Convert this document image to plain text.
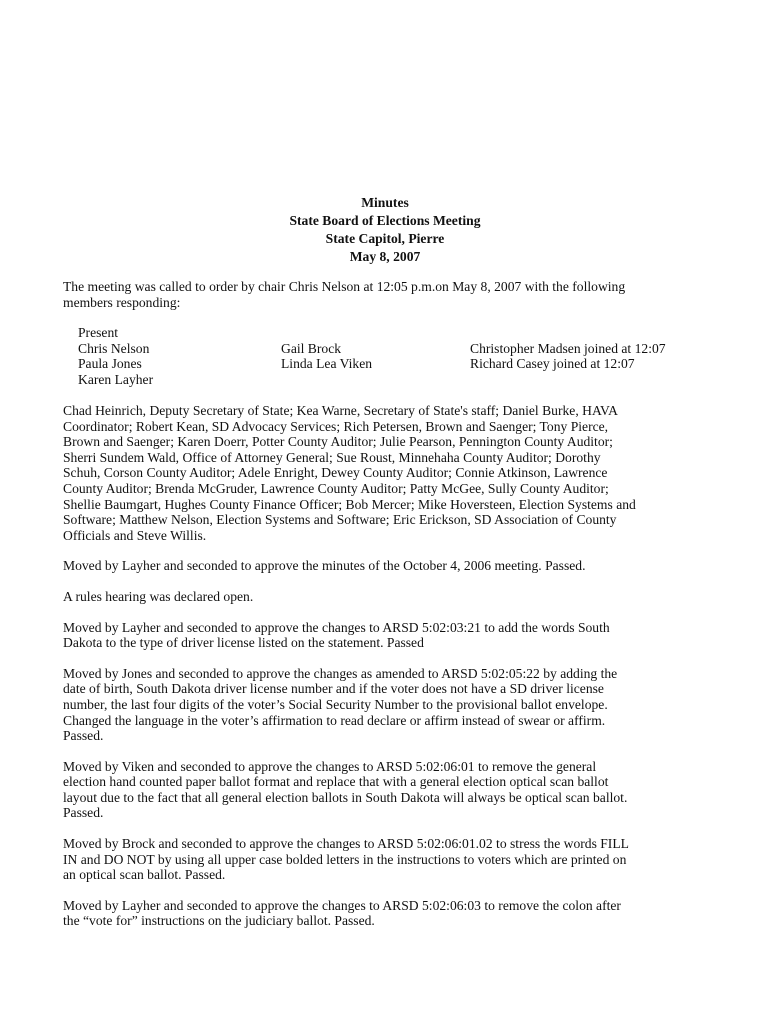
Minutes
State Board of Elections Meeting
State Capitol, Pierre
May 8, 2007
The meeting was called to order by chair Chris Nelson at 12:05 p.m.on May 8, 2007 with the following
members responding:
Present
Chris Nelson
Paula Jones
Karen Layher
Gail Brock
Linda Lea Viken
Christopher Madsen joined at 12:07
Richard Casey joined at 12:07

Chad Heinrich, Deputy Secretary of State; Kea Warne, Secretary of State's staff; Daniel Burke, HAVA
Coordinator; Robert Kean, SD Advocacy Services; Rich Petersen, Brown and Saenger; Tony Pierce,
Brown and Saenger; Karen Doerr, Potter County Auditor; Julie Pearson, Pennington County Auditor;
Sherri Sundem Wald, Office of Attorney General; Sue Roust, Minnehaha County Auditor; Dorothy
Schuh, Corson County Auditor; Adele Enright, Dewey County Auditor; Connie Atkinson, Lawrence
County Auditor; Brenda McGruder, Lawrence County Auditor; Patty McGee, Sully County Auditor;
Shellie Baumgart, Hughes County Finance Officer; Bob Mercer; Mike Hoversteen, Election Systems and
Software; Matthew Nelson, Election Systems and Software; Eric Erickson, SD Association of County
Officials and Steve Willis.

Moved by Layher and seconded to approve the minutes of the October 4, 2006 meeting. Passed.

A rules hearing was declared open.

Moved by Layher and seconded to approve the changes to ARSD 5:02:03:21 to add the words South
Dakota to the type of driver license listed on the statement. Passed

Moved by Jones and seconded to approve the changes as amended to ARSD 5:02:05:22 by adding the
date of birth, South Dakota driver license number and if the voter does not have a SD driver license
number, the last four digits of the voter’s Social Security Number to the provisional ballot envelope.
Changed the language in the voter’s affirmation to read declare or affirm instead of swear or affirm.
Passed.

Moved by Viken and seconded to approve the changes to ARSD 5:02:06:01 to remove the general
election hand counted paper ballot format and replace that with a general election optical scan ballot
layout due to the fact that all general election ballots in South Dakota will always be optical scan ballot.
Passed.

Moved by Brock and seconded to approve the changes to ARSD 5:02:06:01.02 to stress the words FILL
IN and DO NOT by using all upper case bolded letters in the instructions to voters which are printed on
an optical scan ballot. Passed.

Moved by Layher and seconded to approve the changes to ARSD 5:02:06:03 to remove the colon after
the “vote for” instructions on the judiciary ballot. Passed.
